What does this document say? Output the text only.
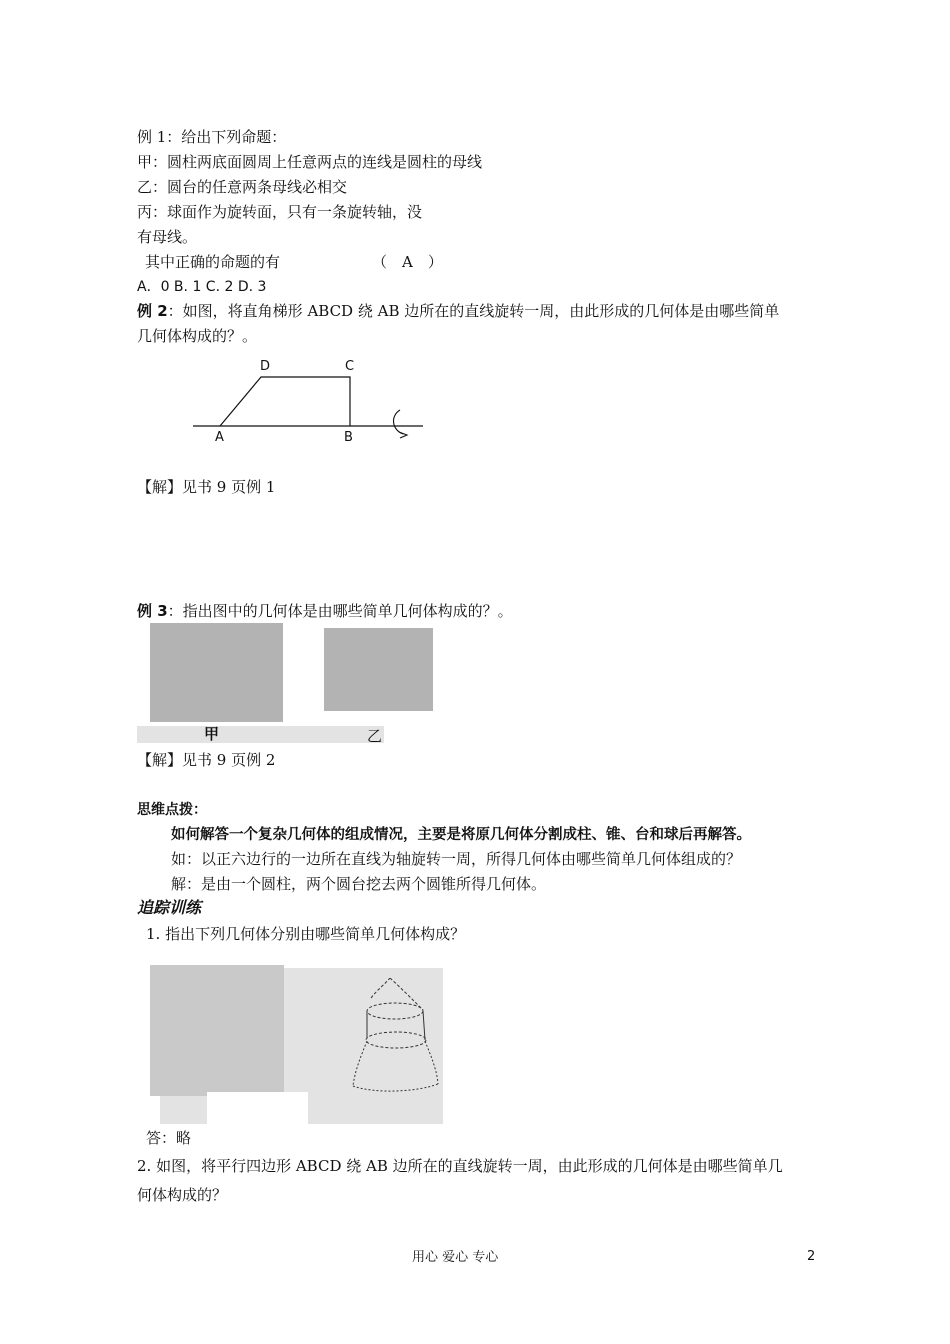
例 1：给出下列命题：
甲：圆柱两底面圆周上任意两点的连线是圆柱的母线
乙：圆台的任意两条母线必相交
丙：球面作为旋转面，只有一条旋转轴，没
有母线。
其中正确的命题的有	（　A　）
A．0 B. 1 C. 2 D. 3
例 2：如图，将直角梯形 ABCD 绕 AB 边所在的直线旋转一周，由此形成的几何体是由哪些简单
几何体构成的？。
D	C
A	B
【解】见书 9 页例 1
例 3：指出图中的几何体是由哪些简单几何体构成的？。
甲	乙
【解】见书 9 页例 2
思维点拨：
如何解答一个复杂几何体的组成情况，主要是将原几何体分割成柱、锥、台和球后再解答。
如：以正六边行的一边所在直线为轴旋转一周，所得几何体由哪些简单几何体组成的？
解：是由一个圆柱，两个圆台挖去两个圆锥所得几何体。
追踪训练
1. 指出下列几何体分别由哪些简单几何体构成？
答：略
2. 如图，将平行四边形 ABCD 绕 AB 边所在的直线旋转一周，由此形成的几何体是由哪些简单几
何体构成的？
用心 爱心 专心	2
